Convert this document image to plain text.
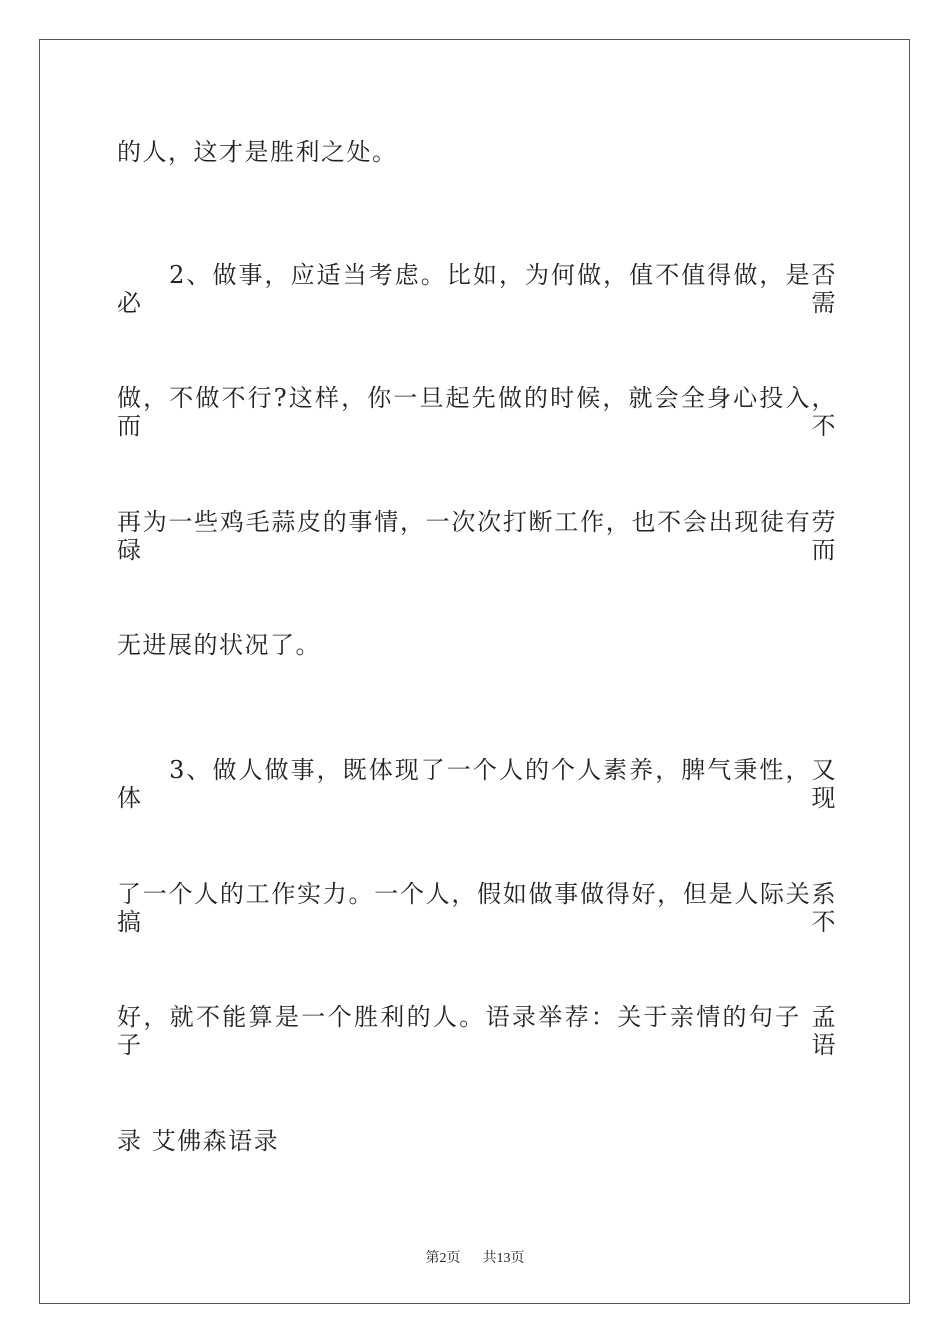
的人，这才是胜利之处。

　　2、做事，应适当考虑。比如，为何做，值不值得做，是否必需

做，不做不行?这样，你一旦起先做的时候，就会全身心投入，而不

再为一些鸡毛蒜皮的事情，一次次打断工作，也不会出现徒有劳碌而

无进展的状况了。

　　3、做人做事，既体现了一个人的个人素养，脾气秉性，又体现

了一个人的工作实力。一个人，假如做事做得好，但是人际关系搞不

好，就不能算是一个胜利的人。语录举荐：关于亲情的句子 孟子语

录 艾佛森语录

第2页 共13页
